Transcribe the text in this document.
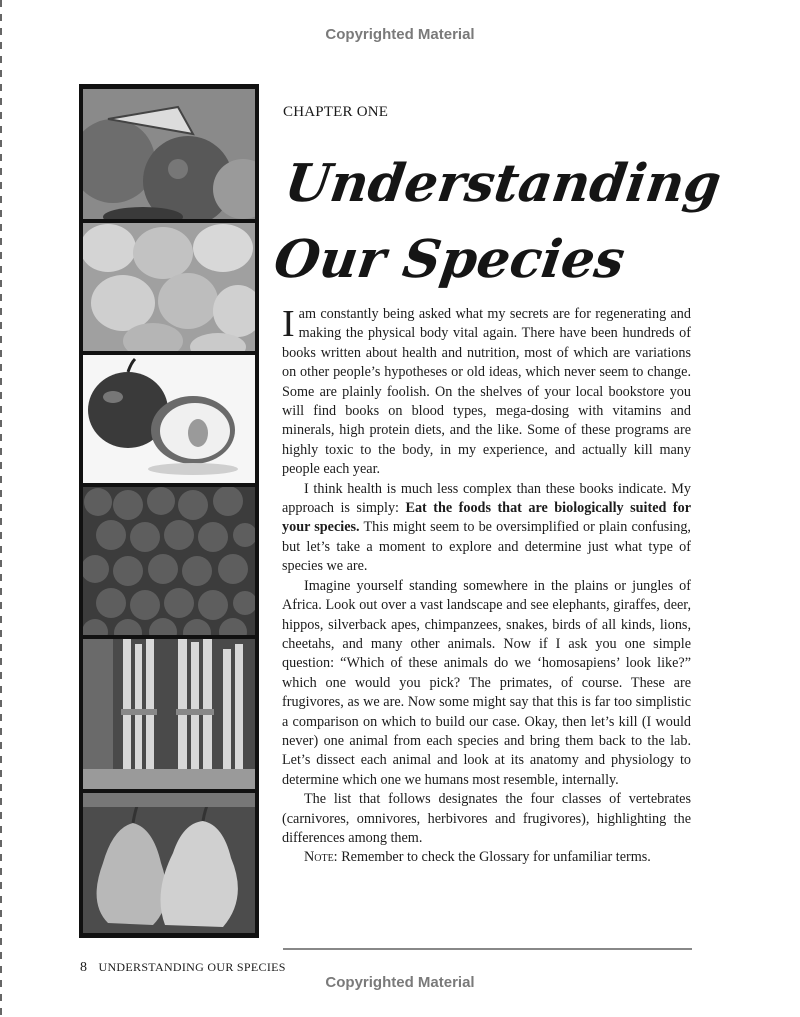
Copyrighted Material
CHAPTER ONE
Understanding
Our Species

Iam constantly being asked what my secrets are for regenerating and making the physical body vital again. There have been hundreds of books written about health and nutrition, most of which are variations on other people’s hypotheses or old ideas, which never seem to change. Some are plainly foolish. On the shelves of your local bookstore you will find books on blood types, mega-dosing with vitamins and minerals, high protein diets, and the like. Some of these programs are highly toxic to the body, in my experience, and actually kill many people each year.

I think health is much less complex than these books indicate. My approach is simply: Eat the foods that are biologically suited for your species. This might seem to be oversimplified or plain confusing, but let’s take a moment to explore and determine just what type of species we are.

Imagine yourself standing somewhere in the plains or jungles of Africa. Look out over a vast landscape and see elephants, giraffes, deer, hippos, silverback apes, chimpanzees, snakes, birds of all kinds, lions, cheetahs, and many other animals. Now if I ask you one simple question: “Which of these animals do we ‘homosapiens’ look like?” which one would you pick? The primates, of course. These are frugivores, as we are. Now some might say that this is far too simplistic a comparison on which to build our case. Okay, then let’s kill (I would never) one animal from each species and bring them back to the lab. Let’s dissect each animal and look at its anatomy and physiology to determine which one we humans most resemble, internally.

The list that follows designates the four classes of vertebrates (carnivores, omnivores, herbivores and frugivores), highlighting the differences among them.

Note: Remember to check the Glossary for unfamiliar terms.

8 UNDERSTANDING OUR SPECIES
Copyrighted Material
